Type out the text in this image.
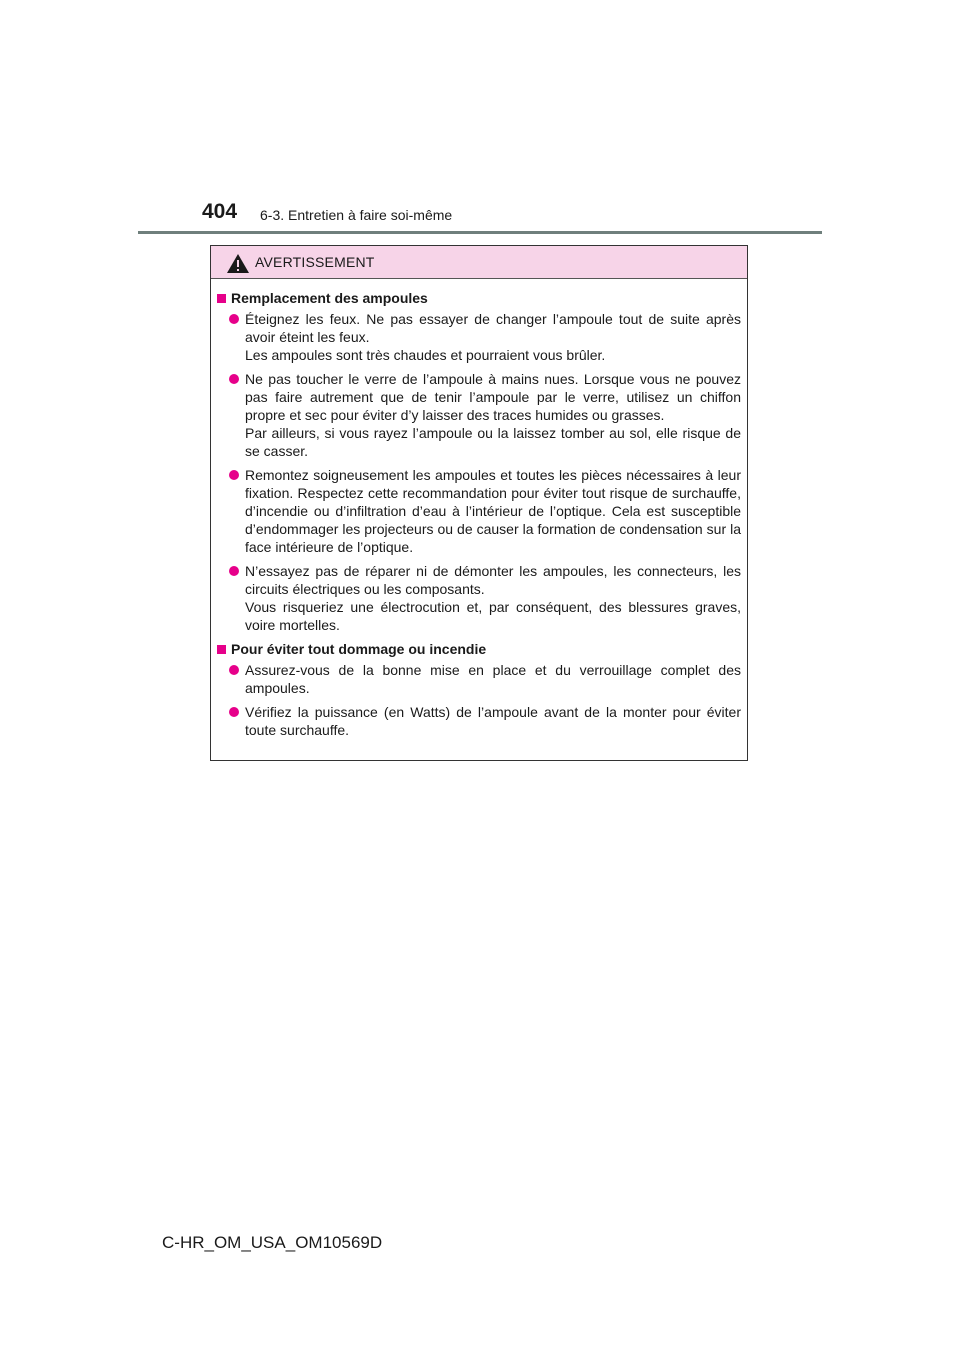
404 6-3. Entretien à faire soi-même
AVERTISSEMENT
Remplacement des ampoules
Éteignez les feux. Ne pas essayer de changer l’ampoule tout de suite après avoir éteint les feux.
Les ampoules sont très chaudes et pourraient vous brûler.
Ne pas toucher le verre de l’ampoule à mains nues. Lorsque vous ne pouvez pas faire autrement que de tenir l’ampoule par le verre, utilisez un chiffon propre et sec pour éviter d’y laisser des traces humides ou grasses.
Par ailleurs, si vous rayez l’ampoule ou la laissez tomber au sol, elle risque de se casser.
Remontez soigneusement les ampoules et toutes les pièces nécessaires à leur fixation. Respectez cette recommandation pour éviter tout risque de surchauffe, d’incendie ou d’infiltration d’eau à l’intérieur de l’optique. Cela est susceptible d’endommager les projecteurs ou de causer la formation de condensation sur la face intérieure de l’optique.
N’essayez pas de réparer ni de démonter les ampoules, les connecteurs, les circuits électriques ou les composants.
Vous risqueriez une électrocution et, par conséquent, des blessures graves, voire mortelles.
Pour éviter tout dommage ou incendie
Assurez-vous de la bonne mise en place et du verrouillage complet des ampoules.
Vérifiez la puissance (en Watts) de l’ampoule avant de la monter pour éviter toute surchauffe.
C-HR_OM_USA_OM10569D
